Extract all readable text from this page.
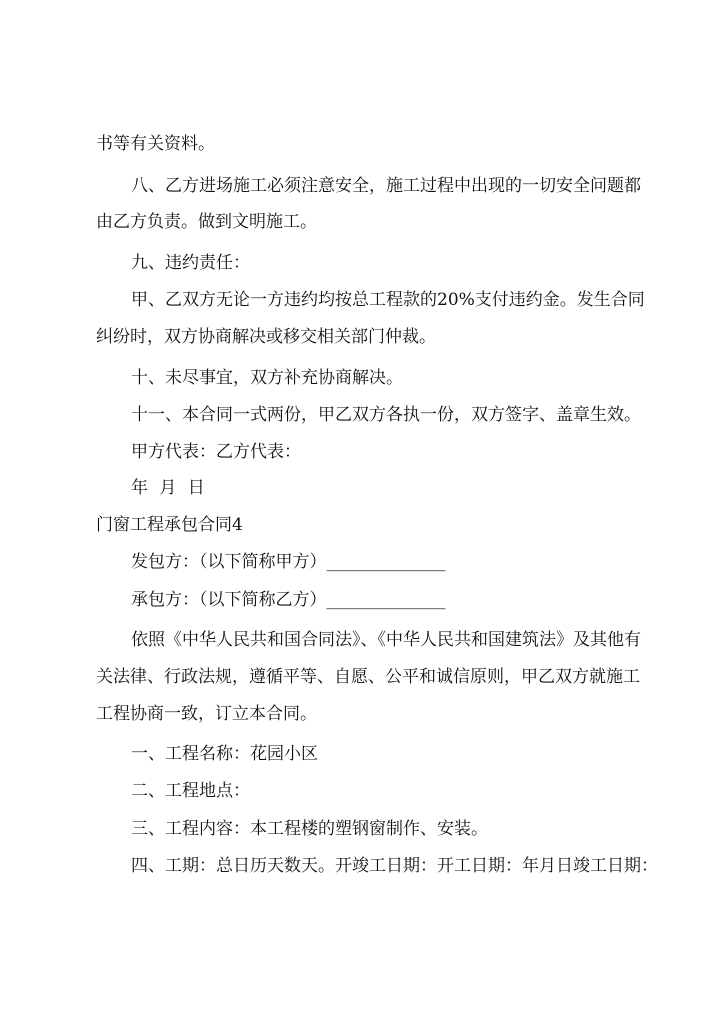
书等有关资料。
八、乙方进场施工必须注意安全，施工过程中出现的一切安全问题都
由乙方负责。做到文明施工。
九、违约责任：
甲、乙双方无论一方违约均按总工程款的20%支付违约金。发生合同
纠纷时，双方协商解决或移交相关部门仲裁。
十、未尽事宜，双方补充协商解决。
十一、本合同一式两份，甲乙双方各执一份，双方签字、盖章生效。
甲方代表：乙方代表：
年 月 日
门窗工程承包合同4
发包方：（以下简称甲方）______________
承包方：（以下简称乙方）______________
依照《中华人民共和国合同法》、《中华人民共和国建筑法》及其他有
关法律、行政法规，遵循平等、自愿、公平和诚信原则，甲乙双方就施工
工程协商一致，订立本合同。
一、工程名称：花园小区
二、工程地点：
三、工程内容：本工程楼的塑钢窗制作、安装。
四、工期：总日历天数天。开竣工日期：开工日期：年月日竣工日期：
